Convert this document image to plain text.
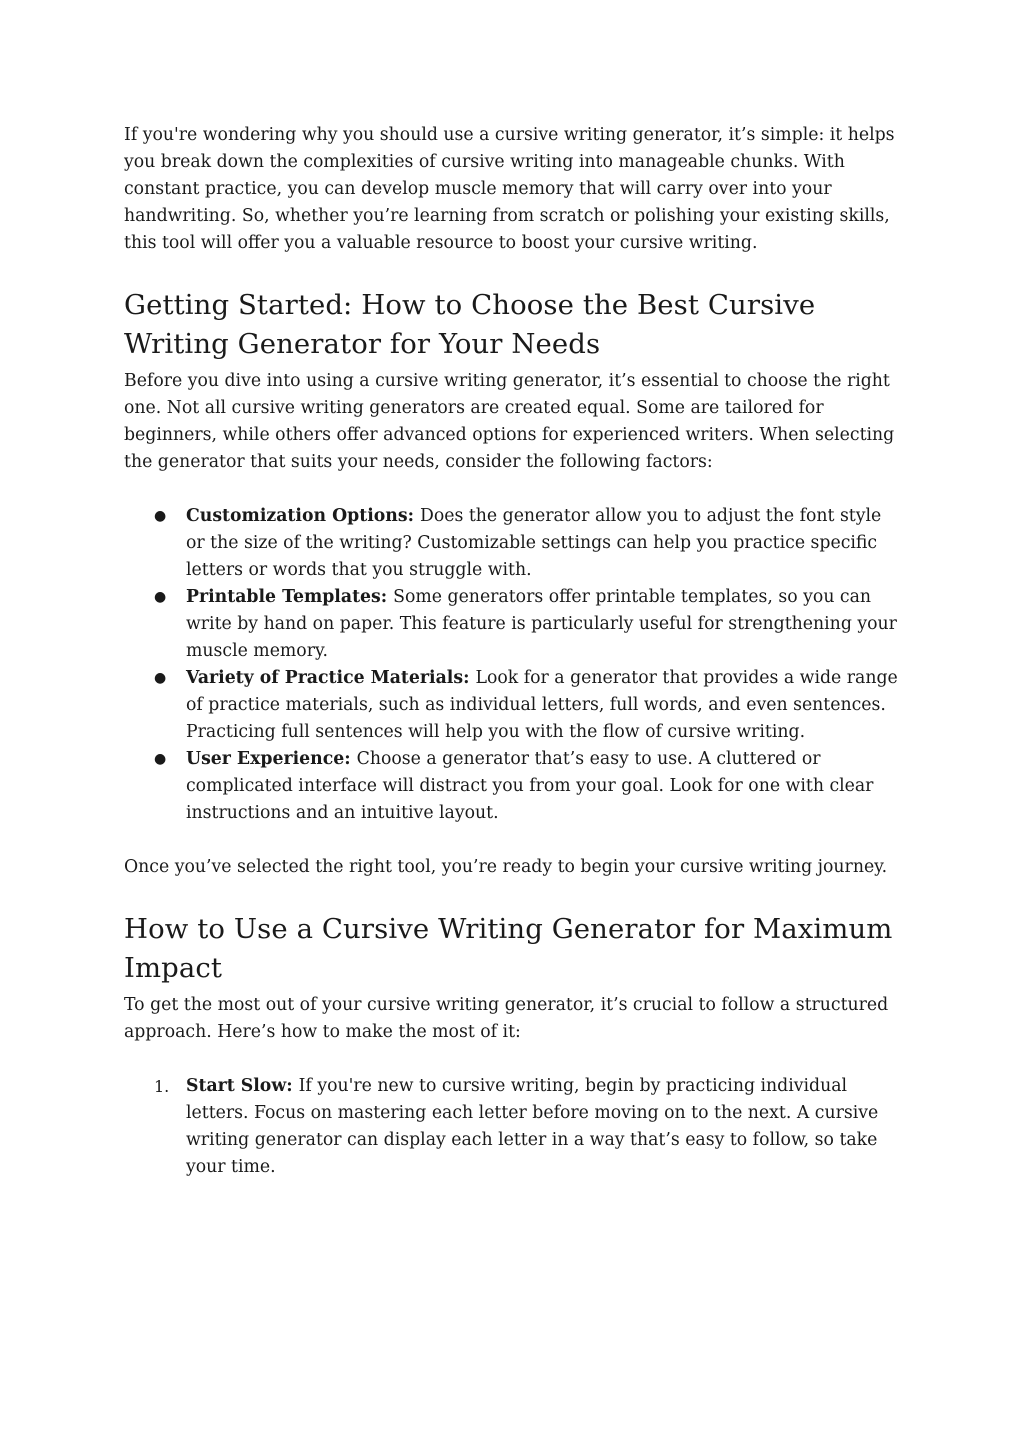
If you're wondering why you should use a cursive writing generator, it’s simple: it helps you break down the complexities of cursive writing into manageable chunks. With constant practice, you can develop muscle memory that will carry over into your handwriting. So, whether you’re learning from scratch or polishing your existing skills, this tool will offer you a valuable resource to boost your cursive writing.

Getting Started: How to Choose the Best Cursive Writing Generator for Your Needs

Before you dive into using a cursive writing generator, it’s essential to choose the right one. Not all cursive writing generators are created equal. Some are tailored for beginners, while others offer advanced options for experienced writers. When selecting the generator that suits your needs, consider the following factors:

● Customization Options: Does the generator allow you to adjust the font style or the size of the writing? Customizable settings can help you practice specific letters or words that you struggle with.
● Printable Templates: Some generators offer printable templates, so you can write by hand on paper. This feature is particularly useful for strengthening your muscle memory.
● Variety of Practice Materials: Look for a generator that provides a wide range of practice materials, such as individual letters, full words, and even sentences. Practicing full sentences will help you with the flow of cursive writing.
● User Experience: Choose a generator that’s easy to use. A cluttered or complicated interface will distract you from your goal. Look for one with clear instructions and an intuitive layout.

Once you’ve selected the right tool, you’re ready to begin your cursive writing journey.

How to Use a Cursive Writing Generator for Maximum Impact

To get the most out of your cursive writing generator, it’s crucial to follow a structured approach. Here’s how to make the most of it:

1. Start Slow: If you're new to cursive writing, begin by practicing individual letters. Focus on mastering each letter before moving on to the next. A cursive writing generator can display each letter in a way that’s easy to follow, so take your time.
